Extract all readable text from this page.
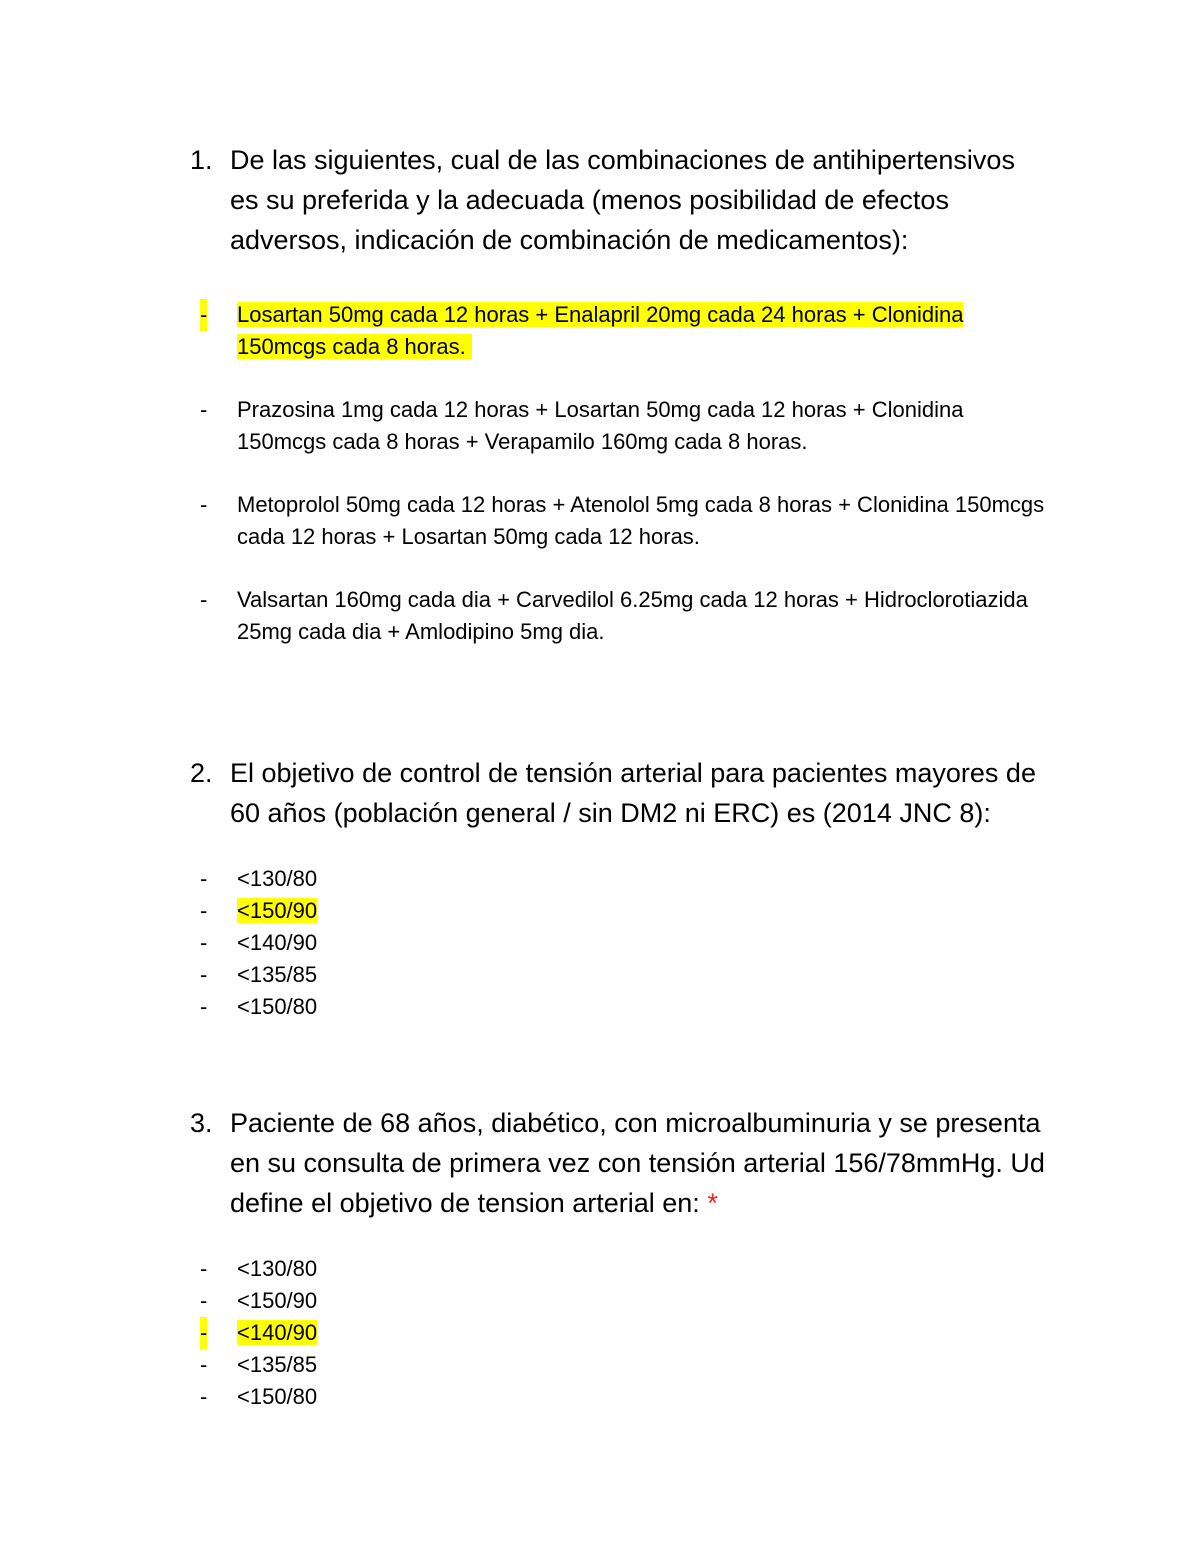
1. De las siguientes, cual de las combinaciones de antihipertensivos es su preferida y la adecuada (menos posibilidad de efectos adversos, indicación de combinación de medicamentos):
- Losartan 50mg cada 12 horas + Enalapril 20mg cada 24 horas + Clonidina 150mcgs cada 8 horas.
- Prazosina 1mg cada 12 horas + Losartan 50mg cada 12 horas + Clonidina 150mcgs cada 8 horas + Verapamilo 160mg cada 8 horas.
- Metoprolol 50mg cada 12 horas + Atenolol 5mg cada 8 horas + Clonidina 150mcgs cada 12 horas + Losartan 50mg cada 12 horas.
- Valsartan 160mg cada dia + Carvedilol 6.25mg cada 12 horas + Hidroclorotiazida 25mg cada dia + Amlodipino 5mg dia.
2. El objetivo de control de tensión arterial para pacientes mayores de 60 años (población general / sin DM2 ni ERC) es (2014 JNC 8):
- <130/80
- <150/90
- <140/90
- <135/85
- <150/80
3. Paciente de 68 años, diabético, con microalbuminuria y se presenta en su consulta de primera vez con tensión arterial 156/78mmHg. Ud define el objetivo de tension arterial en: *
- <130/80
- <150/90
- <140/90
- <135/85
- <150/80
